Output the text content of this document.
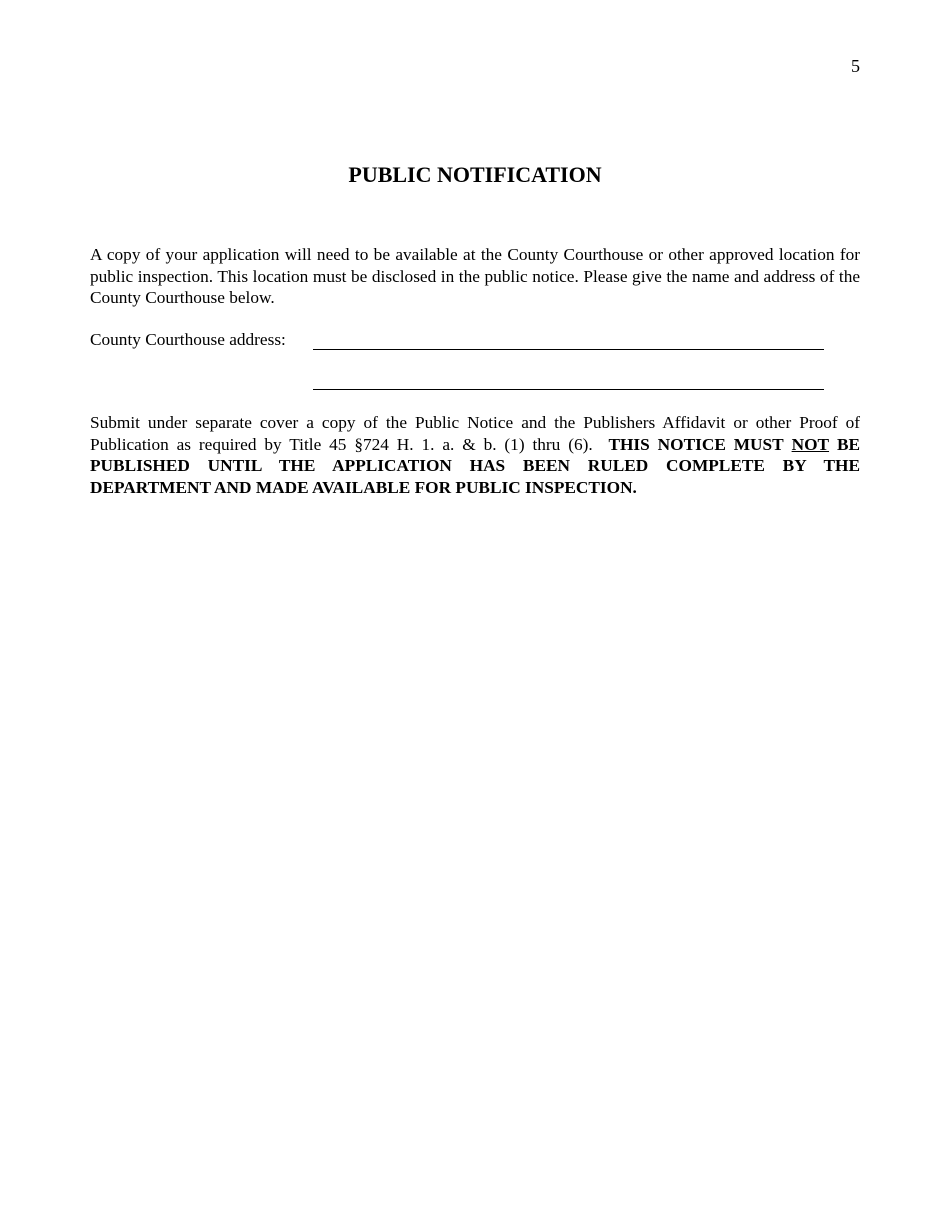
5
PUBLIC NOTIFICATION

A copy of your application will need to be available at the County Courthouse or other approved location for public inspection. This location must be disclosed in the public notice. Please give the name and address of the County Courthouse below.

County Courthouse address:

Submit under separate cover a copy of the Public Notice and the Publishers Affidavit or other Proof of Publication as required by Title 45 §724 H. 1. a. & b. (1) thru (6). THIS NOTICE MUST NOT BE PUBLISHED UNTIL THE APPLICATION HAS BEEN RULED COMPLETE BY THE DEPARTMENT AND MADE AVAILABLE FOR PUBLIC INSPECTION.
